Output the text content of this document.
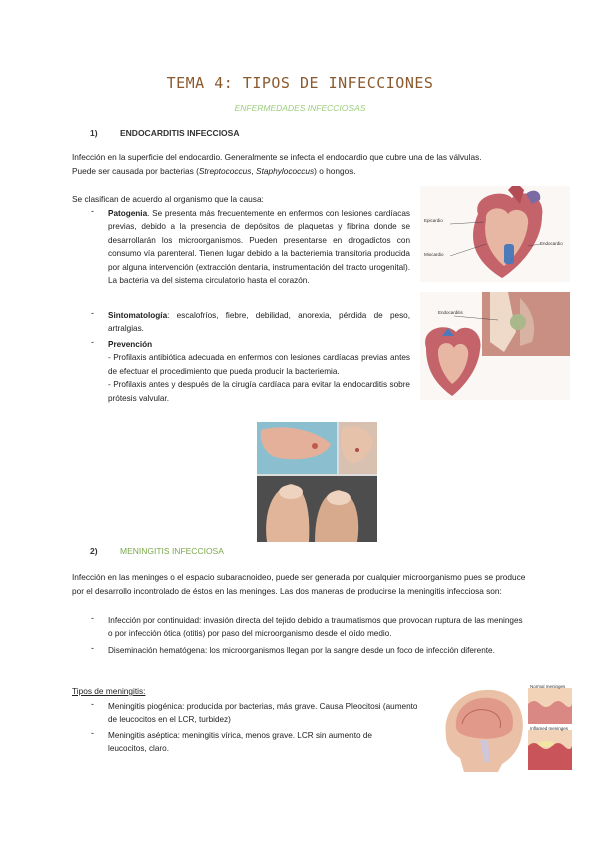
TEMA 4: TIPOS DE INFECCIONES
ENFERMEDADES INFECCIOSAS
1)	ENDOCARDITIS INFECCIOSA
Infección en la superficie del endocardio. Generalmente se infecta el endocardio que cubre una de las válvulas.
Puede ser causada por bacterias (Streptococcus, Staphylococcus) o hongos.
Se clasifican de acuerdo al organismo que la causa:
- Patogenia. Se presenta más frecuentemente en enfermos con lesiones cardíacas previas, debido a la presencia de depósitos de plaquetas y fibrina donde se desarrollarán los microorganismos. Pueden presentarse en drogadictos con consumo vía parenteral. Tienen lugar debido a la bacteriemia transitoria producida por alguna intervención (extracción dentaria, instrumentación del tracto urogenital). La bacteria va del sistema circulatorio hasta el corazón.
- Sintomatología: escalofríos, fiebre, debilidad, anorexia, pérdida de peso, artralgias.
- Prevención
- Profilaxis antibiótica adecuada en enfermos con lesiones cardíacas previas antes de efectuar el procedimiento que pueda producir la bacteriemia.
- Profilaxis antes y después de la cirugía cardíaca para evitar la endocarditis sobre prótesis valvular.
Epicardio
Miocardio
Endocardio
Endocarditis
2)	MENINGITIS INFECCIOSA
Infección en las meninges o el espacio subaracnoideo, puede ser generada por cualquier microorganismo pues se produce por el desarrollo incontrolado de éstos en las meninges. Las dos maneras de producirse la meningitis infecciosa son:
- Infección por continuidad: invasión directa del tejido debido a traumatismos que provocan ruptura de las meninges o por infección ótica (otitis) por paso del microorganismo desde el oído medio.
- Diseminación hematógena: los microorganismos llegan por la sangre desde un foco de infección diferente.
Tipos de meningitis:
- Meningitis piogénica: producida por bacterias, más grave. Causa Pleocitosi (aumento de leucocitos en el LCR, turbidez)
- Meningitis aséptica: meningitis vírica, menos grave. LCR sin aumento de leucocitos, claro.
Normal meninges
Inflamed meninges
